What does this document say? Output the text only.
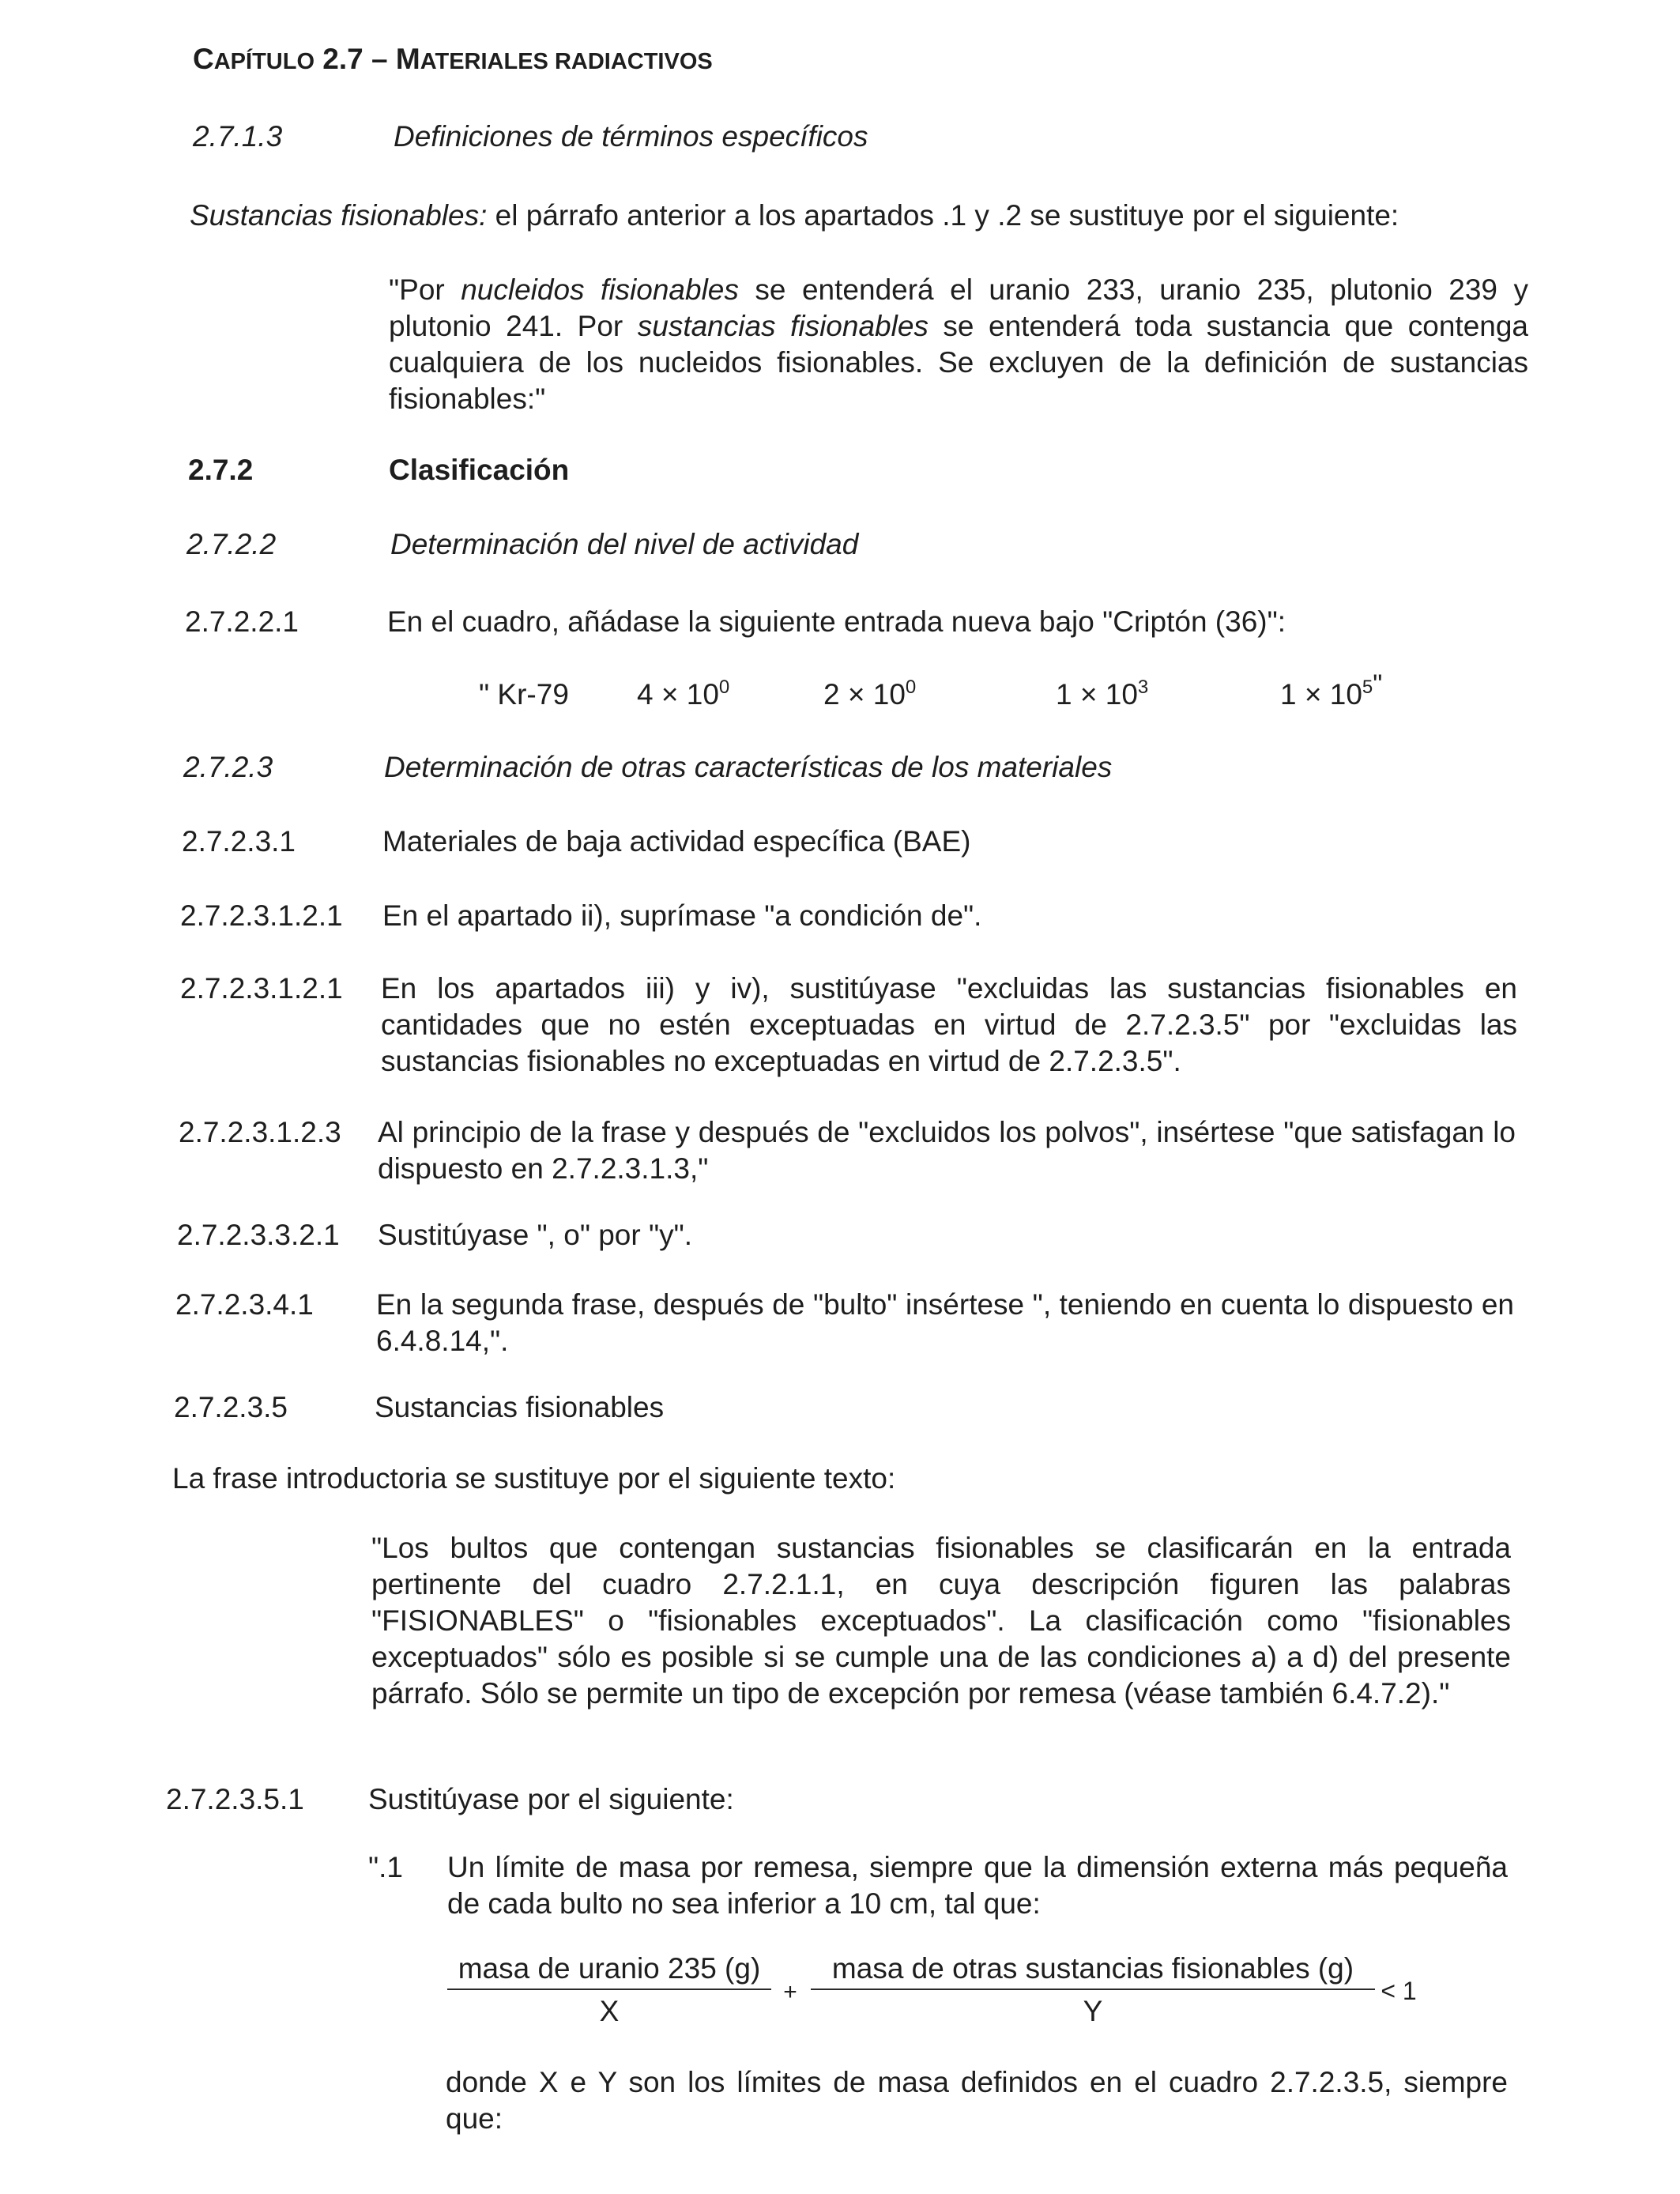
CAPÍTULO 2.7 – MATERIALES RADIACTIVOS
2.7.1.3	Definiciones de términos específicos
Sustancias fisionables: el párrafo anterior a los apartados .1 y .2 se sustituye por el siguiente:
"Por nucleidos fisionables se entenderá el uranio 233, uranio 235, plutonio 239 y plutonio 241. Por sustancias fisionables se entenderá toda sustancia que contenga cualquiera de los nucleidos fisionables. Se excluyen de la definición de sustancias fisionables:"
2.7.2	Clasificación
2.7.2.2	Determinación del nivel de actividad
2.7.2.2.1	En el cuadro, añádase la siguiente entrada nueva bajo "Criptón (36)":
" Kr-79 $4 \times 10^0$	$2 \times 10^0$	$1 \times 10^3$	$1 \times 10^{5"}$
2.7.2.3	Determinación de otras características de los materiales
2.7.2.3.1	Materiales de baja actividad específica (BAE)
2.7.2.3.1.2.1 En el apartado ii), suprímase "a condición de".
2.7.2.3.1.2.1 En los apartados iii) y iv), sustitúyase "excluidas las sustancias fisionables en cantidades que no estén exceptuadas en virtud de 2.7.2.3.5" por "excluidas las sustancias fisionables no exceptuadas en virtud de 2.7.2.3.5".
2.7.2.3.1.2.3 Al principio de la frase y después de "excluidos los polvos", insértese "que satisfagan lo dispuesto en 2.7.2.3.1.3,"
2.7.2.3.3.2.1 Sustitúyase ", o" por "y".
2.7.2.3.4.1 En la segunda frase, después de "bulto" insértese ", teniendo en cuenta lo dispuesto en 6.4.8.14,".
2.7.2.3.5	Sustancias fisionables
La frase introductoria se sustituye por el siguiente texto:
"Los bultos que contengan sustancias fisionables se clasificarán en la entrada pertinente del cuadro 2.7.2.1.1, en cuya descripción figuren las palabras "FISIONABLES" o "fisionables exceptuados". La clasificación como "fisionables exceptuados" sólo es posible si se cumple una de las condiciones a) a d) del presente párrafo. Sólo se permite un tipo de excepción por remesa (véase también 6.4.7.2)."
2.7.2.3.5.1 Sustitúyase por el siguiente:
".1 Un límite de masa por remesa, siempre que la dimensión externa más pequeña de cada bulto no sea inferior a 10 cm, tal que:
masa de uranio 235 (g)
X
+
masa de otras sustancias fisionables (g)
Y
< 1
donde X e Y son los límites de masa definidos en el cuadro 2.7.2.3.5, siempre que:
